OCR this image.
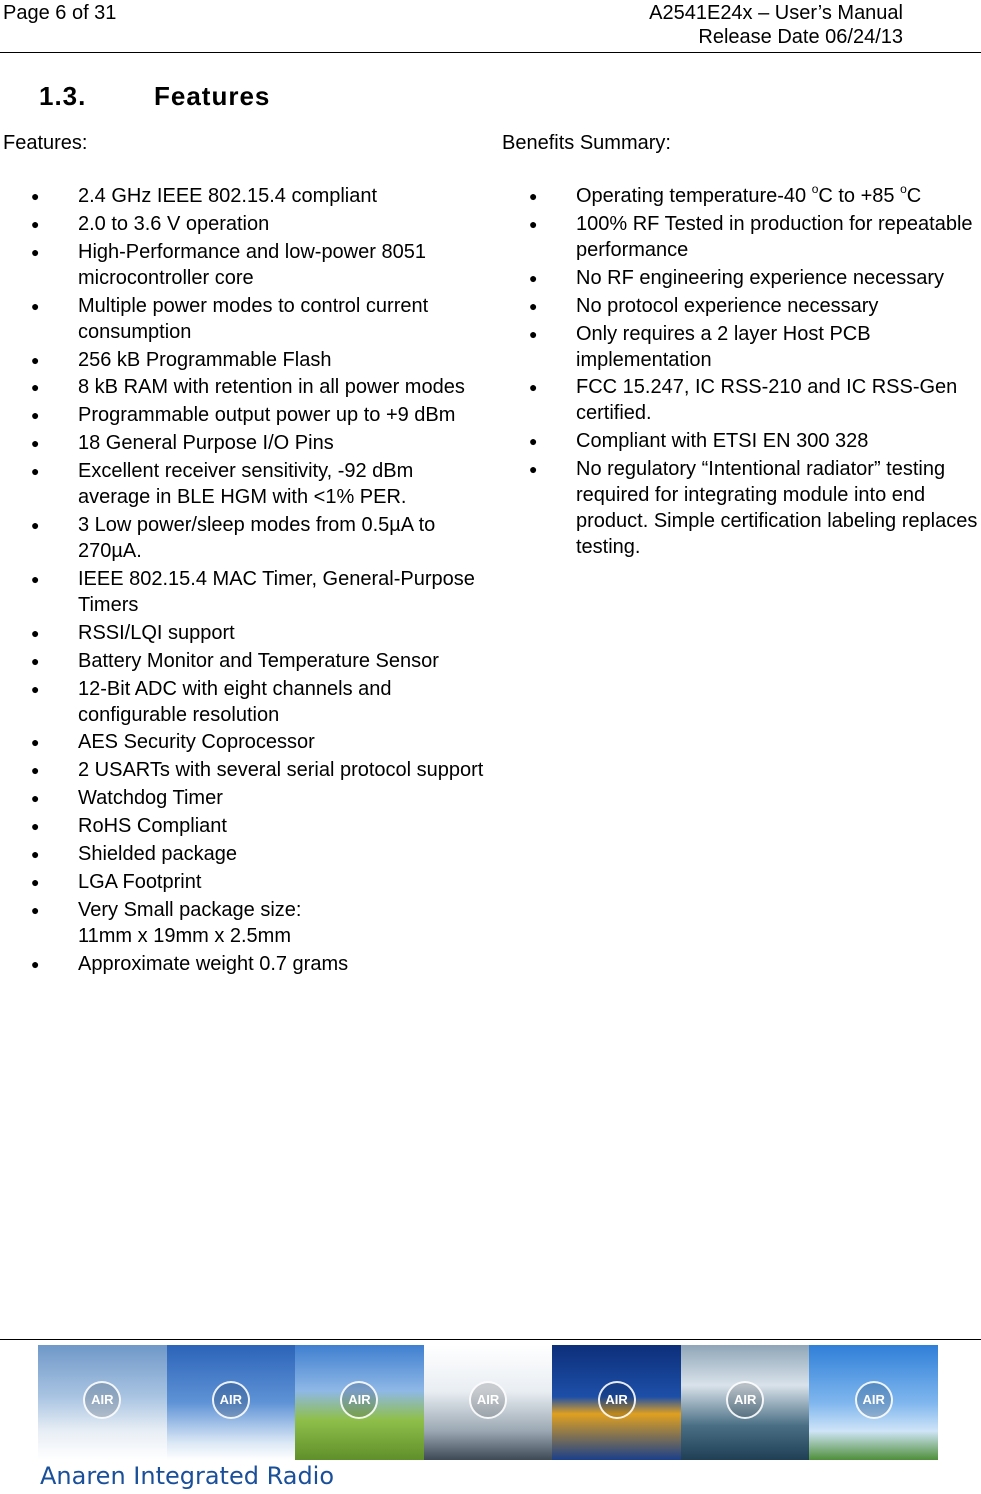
Page 6 of 31	A2541E24x – User’s Manual
Release Date 06/24/13
1.3.	Features
Features:	Benefits Summary:
● 2.4 GHz IEEE 802.15.4 compliant
● 2.0 to 3.6 V operation
● High-Performance and low-power 8051 microcontroller core
● Multiple power modes to control current consumption
● 256 kB Programmable Flash
● 8 kB RAM with retention in all power modes
● Programmable output power up to +9 dBm
● 18 General Purpose I/O Pins
● Excellent receiver sensitivity, -92 dBm average in BLE HGM with <1% PER.
● 3 Low power/sleep modes from 0.5µA to 270µA.
● IEEE 802.15.4 MAC Timer, General-Purpose Timers
● RSSI/LQI support
● Battery Monitor and Temperature Sensor
● 12-Bit ADC with eight channels and configurable resolution
● AES Security Coprocessor
● 2 USARTs with several serial protocol support
● Watchdog Timer
● RoHS Compliant
● Shielded package
● LGA Footprint
● Very Small package size:
11mm x 19mm x 2.5mm
● Approximate weight 0.7 grams
● Operating temperature-40 $^o$C to +85 $^o$C
● 100% RF Tested in production for repeatable performance
● No RF engineering experience necessary
● No protocol experience necessary
● Only requires a 2 layer Host PCB implementation
● FCC 15.247, IC RSS-210 and IC RSS-Gen certified.
● Compliant with ETSI EN 300 328
● No regulatory “Intentional radiator” testing required for integrating module into end product. Simple certification labeling replaces testing.
AIR	AIR	AIR	AIR	AIR	AIR	AIR
Anaren Integrated Radio
